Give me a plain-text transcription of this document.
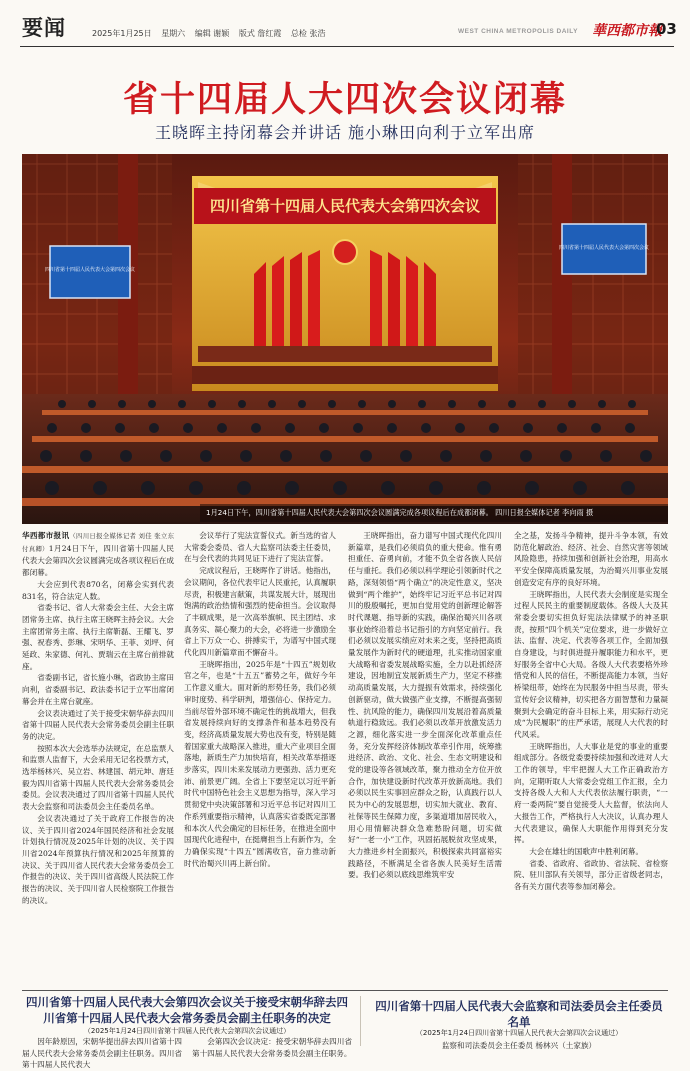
要闻	2025年1月25日 星期六 编辑 谢颖 版式 詹红霞 总检 张浩	WEST CHINA METROPOLIS DAILY 華西都市報
03
省十四届人大四次会议闭幕
王晓晖主持闭幕会并讲话 施小琳田向利于立军出席
四川省第十四届人民代表大会第四次会议
四川省第十四届人民代表大会第四次会议
四川省第十四届人民代表大会第四次会议
1月24日下午，四川省第十四届人民代表大会第四次会议圆满完成各项议程后在成都闭幕。 四川日报全媒体记者 李向雨 摄

华西都市报讯（四川日报全媒体记者 刘佳 张立东 付真卿）1月24日下午，四川省第十四届人民代表大会第四次会议圆满完成各项议程后在成都闭幕。

大会应到代表870名，闭幕会实到代表831名，符合法定人数。

省委书记、省人大常委会主任、大会主席团常务主席、执行主席王晓晖主持会议。大会主席团常务主席、执行主席靳磊、王耀飞、罗强、祝春秀、彭琳、宋明华、王菲、刘坪、何延政、朱家德、何礼、贾瑞云在主席台前排就座。

省委副书记，省长施小琳，省政协主席田向利，省委副书记、政法委书记于立军出席闭幕会并在主席台就座。

会议表决通过了关于接受宋朝华辞去四川省第十四届人民代表大会常务委员会副主任职务的决定。

按照本次大会选举办法规定，在总监票人和监票人监督下，大会采用无记名投票方式，选举杨林兴、吴立岩、林建国、胡元坤、唐廷毅为四川省第十四届人民代表大会常务委员会委员。会议表决通过了四川省第十四届人民代表大会监察和司法委员会主任委员名单。

会议表决通过了关于政府工作报告的决议、关于四川省2024年国民经济和社会发展计划执行情况及2025年计划的决议、关于四川省2024年预算执行情况和2025年预算的决议、关于四川省人民代表大会常务委员会工作报告的决议、关于四川省高级人民法院工作报告的决议、关于四川省人民检察院工作报告的决议。

会议举行了宪法宣誓仪式。新当选的省人大常委会委员、省人大监察司法委主任委员，在与会代表的共同见证下进行了宪法宣誓。

完成议程后，王晓晖作了讲话。他指出，会议期间，各位代表牢记人民重托，认真履职尽责，积极建言献策，共谋发展大计，展现出饱满的政治热情和强烈的使命担当。会议取得了丰硕成果，是一次高举旗帜、民主团结、求真务实、凝心聚力的大会，必将进一步激励全省上下万众一心、拼搏实干，为谱写中国式现代化四川新篇章而不懈奋斗。

王晓晖指出，2025年是“十四五”规划收官之年，也是“十五五”蓄势之年，做好今年工作意义重大。面对新的形势任务，我们必须审时度势、科学研判，增强信心、保持定力。当前尽管外部环境不确定性的挑战增大，但我省发展持续向好的支撑条件和基本趋势没有变，经济高质量发展大势也没有变，特别是随着国家重大战略深入推进，重大产业项目全面落地，新质生产力加快培育，相关改革举措逐步落实，四川未来发展动力更强劲、活力更充沛、前景更广阔。全省上下要坚定以习近平新时代中国特色社会主义思想为指导，深入学习贯彻党中央决策部署和习近平总书记对四川工作系列重要指示精神，认真落实省委既定部署和本次人代会确定的目标任务，在推进全面中国现代化进程中，在挺膺担当上有新作为，全力确保实现“十四五”圆满收官，奋力推动新时代治蜀兴川再上新台阶。

王晓晖指出，奋力谱写中国式现代化四川新篇章，是我们必须肩负的重大使命。惟有勇担重任、奋勇向前，才能不负全省各族人民信任与重托。我们必须以科学理论引领新时代之路，深刻领悟“两个确立”的决定性意义，坚决做到“两个维护”，始终牢记习近平总书记对四川的殷殷嘱托，更加自觉用党的创新理论解答时代课题、指导新的实践，确保治蜀兴川各项事业始终沿着总书记指引的方向坚定前行。我们必须以发展实绩应对未来之变，坚持把高质量发展作为新时代的硬道理，扎实推动国家重大战略和省委发展战略实施，全力以赴抓经济建设，因地制宜发展新质生产力，坚定不移推动高质量发展，大力提振有效需求，持续强化创新驱动，做大做强产业支撑，不断提高强韧性、抗风险的能力，确保四川发展沿着高质量轨道行稳致远。我们必须以改革开放激发活力之源，细化落实进一步全面深化改革重点任务，充分发挥经济体制改革牵引作用，统筹推进经济、政治、文化、社会、生态文明建设和党的建设等各领域改革，聚力推动全方位开放合作，加快建设新时代改革开放新高地。我们必须以民生实事回应群众之盼，认真践行以人民为中心的发展思想，切实加大就业、教育、社保等民生保障力度，多渠道增加居民收入，用心用情解决群众急难愁盼问题，切实做好“一老一小”工作，巩固拓展脱贫攻坚成果，大力推进乡村全面振兴，积极探索共同富裕实践路径，不断满足全省各族人民美好生活需要。我们必须以底线思维筑牢安

全之基，发扬斗争精神，提升斗争本领，有效防范化解政治、经济、社会、自然灾害等领域风险隐患，持续加强和创新社会治理，用高水平安全保障高质量发展，为治蜀兴川事业发展创造安定有序的良好环境。

王晓晖指出，人民代表大会制度是实现全过程人民民主的重要制度载体。各级人大及其常委会要切实担负好宪法法律赋予的神圣职责，按照“四个机关”定位要求，进一步做好立法、监督、决定、代表等各项工作，全面加强自身建设，与时俱进提升履职能力和水平，更好服务全省中心大局。各级人大代表要格外珍惜党和人民的信任，不断提高能力本领，当好桥梁纽带，始终在为民服务中担当尽责，带头宣传好会议精神，切实把各方面智慧和力量凝聚到大会确定的奋斗目标上来，用实际行动完成“为民履职”的庄严承诺，展现人大代表的时代风采。

王晓晖指出，人大事业是党的事业的重要组成部分。各级党委要持续加强和改进对人大工作的领导，牢牢把握人大工作正确政治方向，定期听取人大常委会党组工作汇报，全力支持各级人大和人大代表依法履行职责，“一府一委两院”要自觉接受人大监督，依法向人大报告工作，严格执行人大决议，认真办理人大代表建议，确保人大职能作用得到充分发挥。

大会在雄壮的国歌声中胜利闭幕。

省委、省政府、省政协、省法院、省检察院、驻川部队有关领导，部分正省级老同志，各有关方面代表等参加闭幕会。

四川省第十四届人民代表大会第四次会议关于接受宋朝华辞去四川省第十四届人民代表大会常务委员会副主任职务的决定
（2025年1月24日四川省第十四届人民代表大会第四次会议通过）
因年龄原因，宋朝华提出辞去四川省第十四届人民代表大会常务委员会副主任职务。四川省第十四届人民代表大
会第四次会议决定：接受宋朝华辞去四川省第十四届人民代表大会常务委员会副主任职务。
四川省第十四届人民代表大会监察和司法委员会主任委员名单
（2025年1月24日四川省第十四届人民代表大会第四次会议通过）
监察和司法委员会主任委员 杨林兴（土家族）
